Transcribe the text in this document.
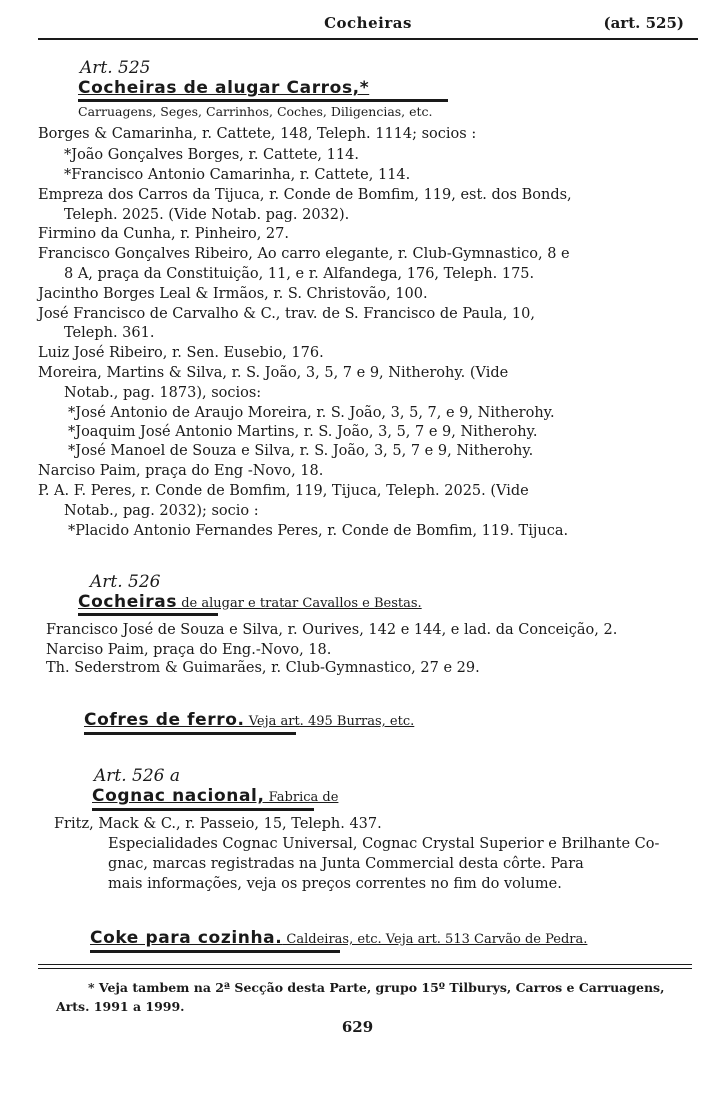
Cocheiras	(art. 525)
Art. 525
Cocheiras de alugar Carros,*
Carruagens, Seges, Carrinhos, Coches, Diligencias, etc.
Borges & Camarinha, r. Cattete, 148, Teleph. 1114; socios :
*João Gonçalves Borges, r. Cattete, 114.
*Francisco Antonio Camarinha, r. Cattete, 114.
Empreza dos Carros da Tijuca, r. Conde de Bomfim, 119, est. dos Bonds,
Teleph. 2025. (Vide Notab. pag. 2032).
Firmino da Cunha, r. Pinheiro, 27.
Francisco Gonçalves Ribeiro, Ao carro elegante, r. Club-Gymnastico, 8 e
8 A, praça da Constituição, 11, e r. Alfandega, 176, Teleph. 175.
Jacintho Borges Leal & Irmãos, r. S. Christovão, 100.
José Francisco de Carvalho & C., trav. de S. Francisco de Paula, 10,
Teleph. 361.
Luiz José Ribeiro, r. Sen. Eusebio, 176.
Moreira, Martins & Silva, r. S. João, 3, 5, 7 e 9, Nitherohy. (Vide
Notab., pag. 1873), socios:
*José Antonio de Araujo Moreira, r. S. João, 3, 5, 7, e 9, Nitherohy.
*Joaquim José Antonio Martins, r. S. João, 3, 5, 7 e 9, Nitherohy.
*José Manoel de Souza e Silva, r. S. João, 3, 5, 7 e 9, Nitherohy.
Narciso Paim, praça do Eng -Novo, 18.
P. A. F. Peres, r. Conde de Bomfim, 119, Tijuca, Teleph. 2025. (Vide
Notab., pag. 2032); socio :
*Placido Antonio Fernandes Peres, r. Conde de Bomfim, 119. Tijuca.
Art. 526
Cocheiras de alugar e tratar Cavallos e Bestas.
Francisco José de Souza e Silva, r. Ourives, 142 e 144, e lad. da Conceição, 2.
Narciso Paim, praça do Eng.-Novo, 18.
Th. Sederstrom & Guimarães, r. Club-Gymnastico, 27 e 29.
Cofres de ferro. Veja art. 495 Burras, etc.
Art. 526 a
Cognac nacional, Fabrica de
Fritz, Mack & C., r. Passeio, 15, Teleph. 437.
Especialidades Cognac Universal, Cognac Crystal Superior e Brilhante Co-
gnac, marcas registradas na Junta Commercial desta côrte. Para
mais informações, veja os preços correntes no fim do volume.
Coke para cozinha. Caldeiras, etc. Veja art. 513 Carvão de Pedra.
* Veja tambem na 2ª Secção desta Parte, grupo 15º Tilburys, Carros e Carruagens,
Arts. 1991 a 1999.
629
